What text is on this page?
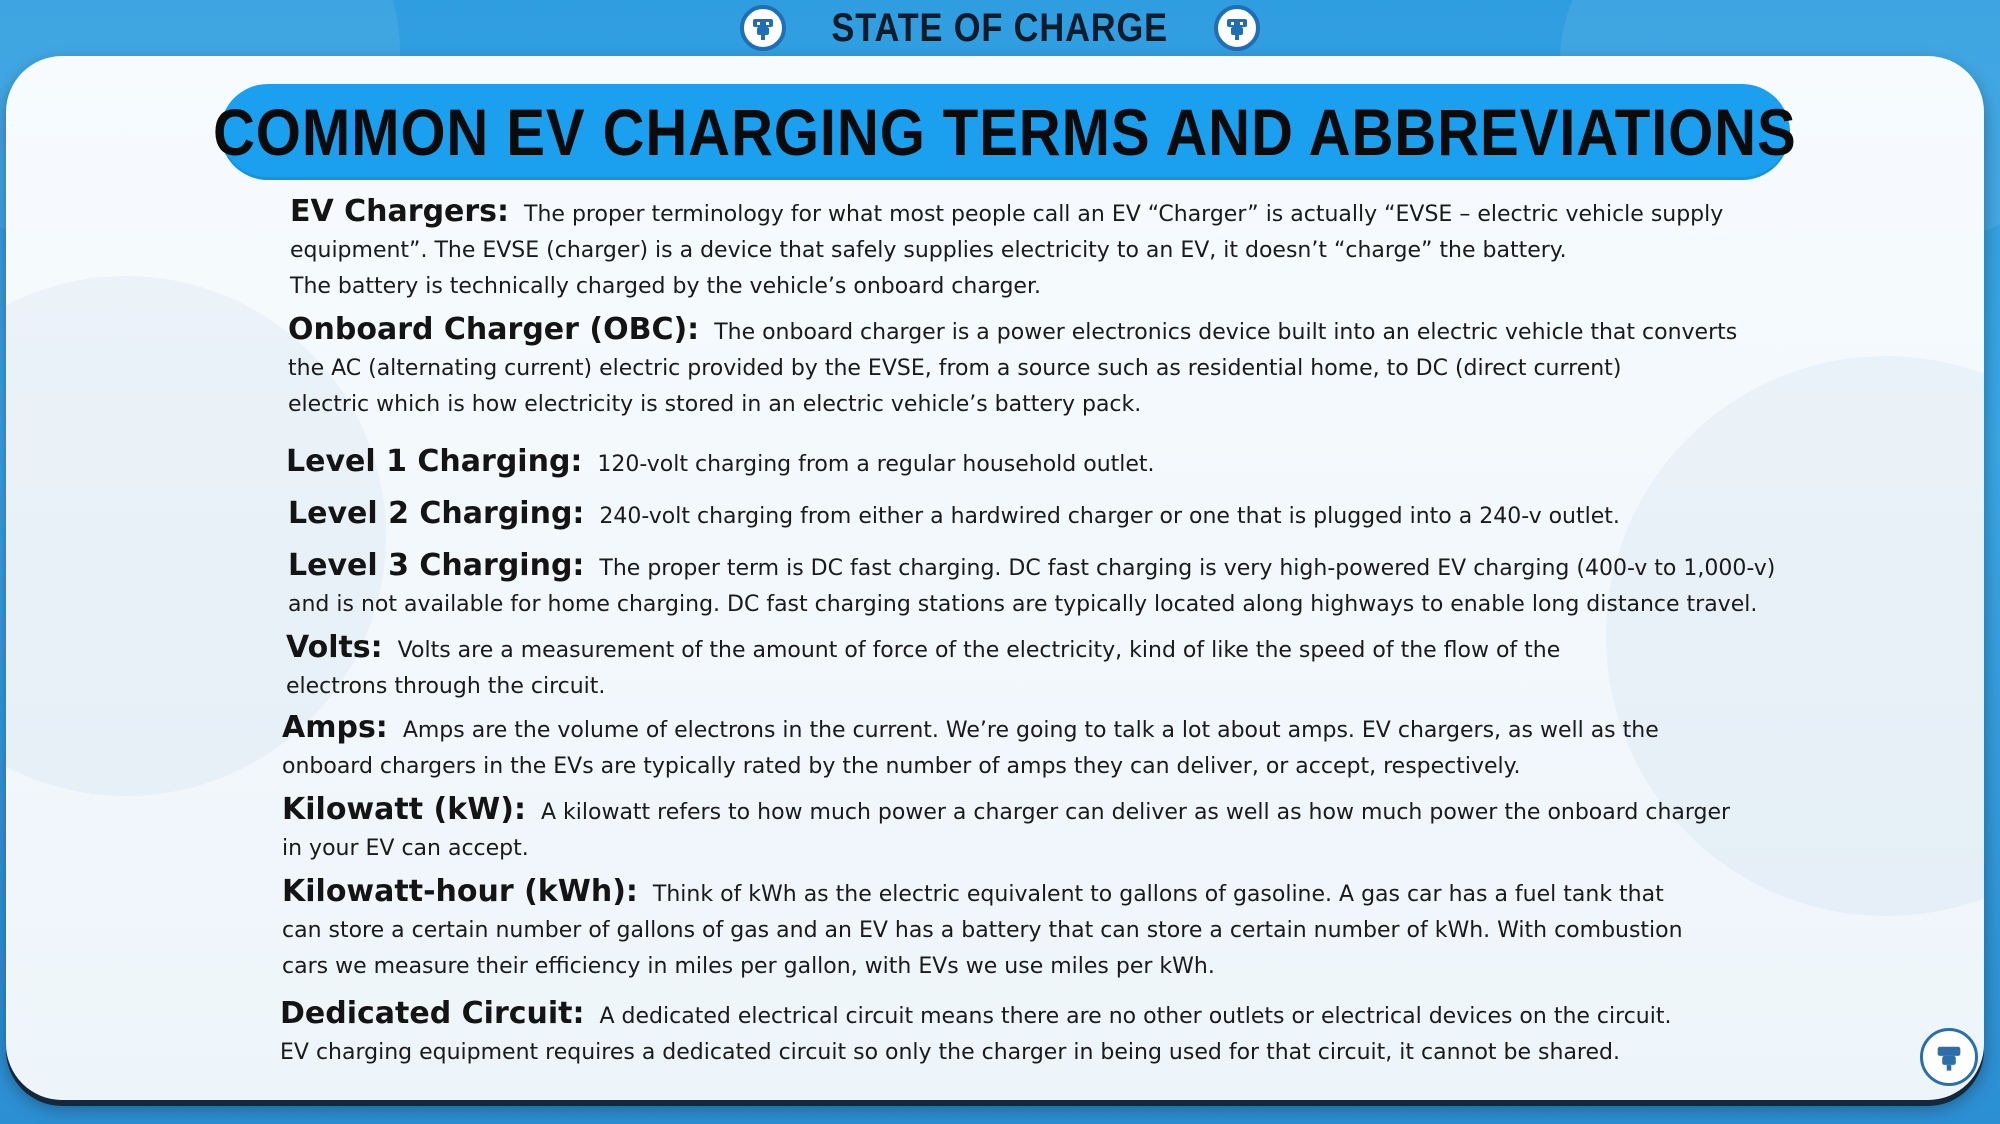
STATE OF CHARGE
COMMON EV CHARGING TERMS AND ABBREVIATIONS
EV Chargers: The proper terminology for what most people call an EV “Charger” is actually “EVSE – electric vehicle supply
equipment”. The EVSE (charger) is a device that safely supplies electricity to an EV, it doesn’t “charge” the battery.
The battery is technically charged by the vehicle’s onboard charger.
Onboard Charger (OBC): The onboard charger is a power electronics device built into an electric vehicle that converts
the AC (alternating current) electric provided by the EVSE, from a source such as residential home, to DC (direct current)
electric which is how electricity is stored in an electric vehicle’s battery pack.
Level 1 Charging: 120-volt charging from a regular household outlet.
Level 2 Charging: 240-volt charging from either a hardwired charger or one that is plugged into a 240-v outlet.
Level 3 Charging: The proper term is DC fast charging. DC fast charging is very high-powered EV charging (400-v to 1,000-v)
and is not available for home charging. DC fast charging stations are typically located along highways to enable long distance travel.
Volts: Volts are a measurement of the amount of force of the electricity, kind of like the speed of the flow of the
electrons through the circuit.
Amps: Amps are the volume of electrons in the current. We’re going to talk a lot about amps. EV chargers, as well as the
onboard chargers in the EVs are typically rated by the number of amps they can deliver, or accept, respectively.
Kilowatt (kW): A kilowatt refers to how much power a charger can deliver as well as how much power the onboard charger
in your EV can accept.
Kilowatt-hour (kWh): Think of kWh as the electric equivalent to gallons of gasoline. A gas car has a fuel tank that
can store a certain number of gallons of gas and an EV has a battery that can store a certain number of kWh. With combustion
cars we measure their efficiency in miles per gallon, with EVs we use miles per kWh.
Dedicated Circuit: A dedicated electrical circuit means there are no other outlets or electrical devices on the circuit.
EV charging equipment requires a dedicated circuit so only the charger in being used for that circuit, it cannot be shared.
